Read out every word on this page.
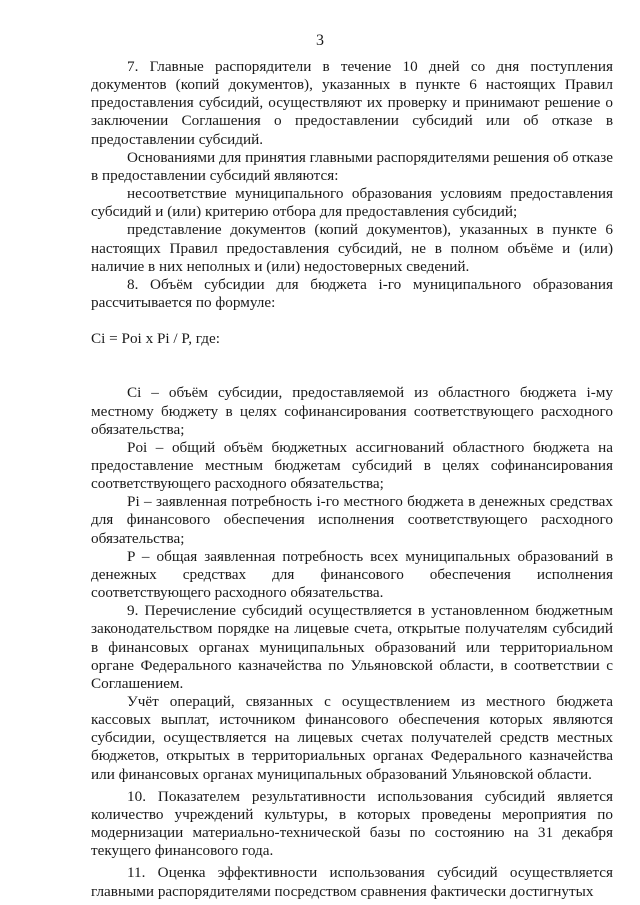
3

7. Главные распорядители в течение 10 дней со дня поступления документов (копий документов), указанных в пункте 6 настоящих Правил предоставления субсидий, осуществляют их проверку и принимают решение о заключении Соглашения о предоставлении субсидий или об отказе в предоставлении субсидий.

Основаниями для принятия главными распорядителями решения об отказе в предоставлении субсидий являются:

несоответствие муниципального образования условиям предоставления субсидий и (или) критерию отбора для предоставления субсидий;

представление документов (копий документов), указанных в пункте 6 настоящих Правил предоставления субсидий, не в полном объёме и (или) наличие в них неполных и (или) недостоверных сведений.

8. Объём субсидии для бюджета i-го муниципального образования рассчитывается по формуле:

Ci = Poi x Pi / P, где:

Ci – объём субсидии, предоставляемой из областного бюджета i-му местному бюджету в целях софинансирования соответствующего расходного обязательства;

Poi – общий объём бюджетных ассигнований областного бюджета на предоставление местным бюджетам субсидий в целях софинансирования соответствующего расходного обязательства;

Pi – заявленная потребность i-го местного бюджета в денежных средствах для финансового обеспечения исполнения соответствующего расходного обязательства;

P – общая заявленная потребность всех муниципальных образований в денежных средствах для финансового обеспечения исполнения соответствующего расходного обязательства.

9. Перечисление субсидий осуществляется в установленном бюджетным законодательством порядке на лицевые счета, открытые получателям субсидий в финансовых органах муниципальных образований или территориальном органе Федерального казначейства по Ульяновской области, в соответствии с Соглашением.

Учёт операций, связанных с осуществлением из местного бюджета кассовых выплат, источником финансового обеспечения которых являются субсидии, осуществляется на лицевых счетах получателей средств местных бюджетов, открытых в территориальных органах Федерального казначейства или финансовых органах муниципальных образований Ульяновской области.

10. Показателем результативности использования субсидий является количество учреждений культуры, в которых проведены мероприятия по модернизации материально-технической базы по состоянию на 31 декабря текущего финансового года.

11. Оценка эффективности использования субсидий осуществляется главными распорядителями посредством сравнения фактически достигнутых
